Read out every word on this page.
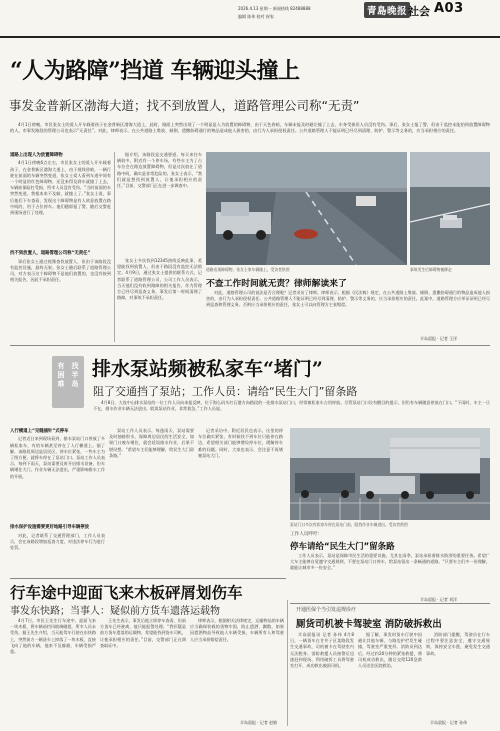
2026.4.13 星期一 新闻热线 82488888
编辑 陈伟 校对 崔家	青島晚报 社会 A03
“人为路障”挡道 车辆迎头撞上
事发金普新区渤海大道；找不到放置人，道路管理公司称“无责”
4月1日傍晚，市民张女士的爱人开车载着孩子在金普新区渤海大道上，此时，路面上突然出现了一个明显是人为放置的障碍物，由于天色昏暗，车辆未能及时避让撞了上去，车身受损但人员没有受伤。事后，张女士报了警，但由于监控未能拍到放置障碍物的人，市事发路段的管理公司也表示“无责任”。对此，律师表示，在公共道路上堆放、倾倒、遗撒妨碍通行的物品造成他人损害的，由行为人承担侵权责任。公共道路管理人不能证明已经尽到清理、防护、警示等义务的，应当承担相应的责任。
道路上出现人为放置障碍物
4月1日傍晚6点左右，市民张女士的爱人开车载着孩子，在金普新区渤海大道上，由于视线昏暗，一辆行驶在前面的车辆突然变道，张女士爱人看到车道中间有一个明显的红色障碍物，还没来得及刹车就撞了上去，车辆前保险杠受损，所幸人员没有受伤。“当时前面的车突然变道，我根本来不及躲，就撞上了。”张女士说，事后他们下车查看，发现这个障碍物是有人故意放置在路中间的，用于占位停车。他们随即报了警，随后交警赶到现场进行了处理。
找不到放置人，道路管理公司称“无责任”
事后张女士通过视频查找放置人，但由于该路段没有监控设施，最终无果。张女士随后联系了道路管理公司，对方表示这个障碍物不是他们放置的，也没有接到相关报告，因此不承担责任。
据介绍，该路段是交通要道，每天来往车辆较多，附近有一个停车场，有些车主为了占车位会在路边放置障碍物，但是这次放在了道路中间，确实是非常危险的。张女士表示，“我们就是想找到放置人，让他承担相应的责任。”目前，交警部门正在进一步调查中。
张女士多次找到12345热线反映此事，希望能找到放置人，但由于路段没有监控无法锁定。4月9日，通过张女士提供的联系方式，记者联系了道路管理公司，公司工作人员表示，当天他们没有收到路障的相关报告，作为管理方已经尽到巡查义务，事发后第一时间清理了路障，对事故不承担责任。
道路出现障碍物，张女士家车辆撞上。受访者供图	事故发生后障碍物被移走
不查工作时间就无责？律师解读来了
对此，道路管理公司的说法是否合理呢？记者采访了律师。律师表示，根据《民法典》规定，在公共道路上堆放、倾倒、遗撒妨碍通行的物品造成他人损害的，由行为人承担侵权责任。公共道路管理人不能证明已经尽到清理、防护、警示等义务的，应当承担相应的责任。此案中，道路管理方应举证证明已经尽到巡查和管理义务，否则应当承担相应的责任，张女士可以向管理方主张赔偿。
半岛晨报 · 记者 王洋
有
困
难
找
半
岛
排水泵站频被私家车“堵门”
阻了交通挡了泵站；工作人员：请给“民生大门”留条路
4月8日，大连中山排水泵站的一位工作人员向本报反映，位于海么码头红石港方向路段的一处排水泵站门口，经常被私家车占用停放。尽管泵站门口设有醒目的提示，但仍有车辆随意停放在门口。“下雨时，车主一旦不在，排水作业车辆无法进出，耽误泵站作业，非常着急。”工作人员说。
人行横道上“见缝插针”式停车
记者近日来到现场看到，排水泵站门口停放了多辆私家车，有的车辆甚至停在了人行横道上。据了解，该路段周边是居民区，停车位紧张，一些车主为了图方便，就将车停在了泵站门口。泵站工作人员表示，每到下雨天，泵站需要及时开启排水设备，但车辆堵住大门，作业车辆无法进出，严重影响排水工作的开展。
排水保护设施需要更好地路引导车辆停放
对此，记者联系了交通管理部门，工作人员表示，会在该路段增加巡查力度，对违法停车行为进行处罚。
泵站工作人员表示，每逢雨天，泵站需要及时抽排积水，保障周边居民的生活安全，如果门口被车堵住，就会延误排水作业，后果不堪设想。“希望车主们能够理解，给民生大门留条路。”
记者采访中，附近居民也表示，这里的停车位确实紧张，有时候找不到车位只能停在路边，希望相关部门能够增设停车位，缓解停车难的问题。同时，大家也表示，会注意不再堵塞泵站大门。
泵站门口多次有私家车停在泵站门前，阻挡作业车辆进出。受访者供图
工作人员呼吁：
停车请给“民生大门”留条路
工作人员表示，泵站是保障市民生活的重要设施，尤其在雨季，泵站承担着排水防涝的重要任务。希望广大车主能够自觉遵守交通规则，不要在泵站门口停车，给泵站留出一条畅通的道路。“只要车主们多一份理解，就能让城市多一份安全。”
半岛晨报 · 记者 刘洋
行车途中迎面飞来木板砰屑划伤车
事发东快路；当事人：疑似前方货车遗落运载物
4月7日，市民王先生行车途中，迎面飞来一块木板，将车辆前挡风玻璃砸裂，所幸人员未受伤。据王先生介绍，当天他驾车行驶在东快路上，突然前方一辆货车上掉落了一块木板，直接飞向了他的车辆，他来不及躲避，车辆受损严重。
王先生表示，事发后他立即停车查看，但前方货车已经驶离，他只能报警处理。“我怀疑是前方货车遗落的运载物，希望能找到货车司机，让他承担相应的责任。”目前，交警部门正在调查取证中。
律师表示，根据相关法律规定，运输物品的车辆应当确保装载的货物牢固，防止遗洒、飘散。如果因遗洒物品导致他人车辆受损，车辆所有人和驾驶人应当承担赔偿责任。
半岛晨报 · 记者 赵敏
开通医保个当引发违规诊疗
厕货司机被卡驾驶室 消防破拆救出
半岛晨报讯 记者 孙伟 4月8日，一辆货车在甘井子区某路段发生交通事故，司机被卡在驾驶室内无法脱身。消防救援人员接警后迅速赶到现场，利用破拆工具将驾驶室打开，成功救出被困司机。
据了解，事发时货车行驶中因避让其他车辆，与路边护栏发生碰撞，驾驶室严重变形。消防员到达后，经过约20分钟的紧张救援，将司机成功救出，随后交给120急救人员送往医院救治。
消防部门提醒，驾驶员在行车过程中要注意安全，遵守交通规则，保持安全车距，避免发生交通事故。
半岛晨报 · 记者 孙伟
